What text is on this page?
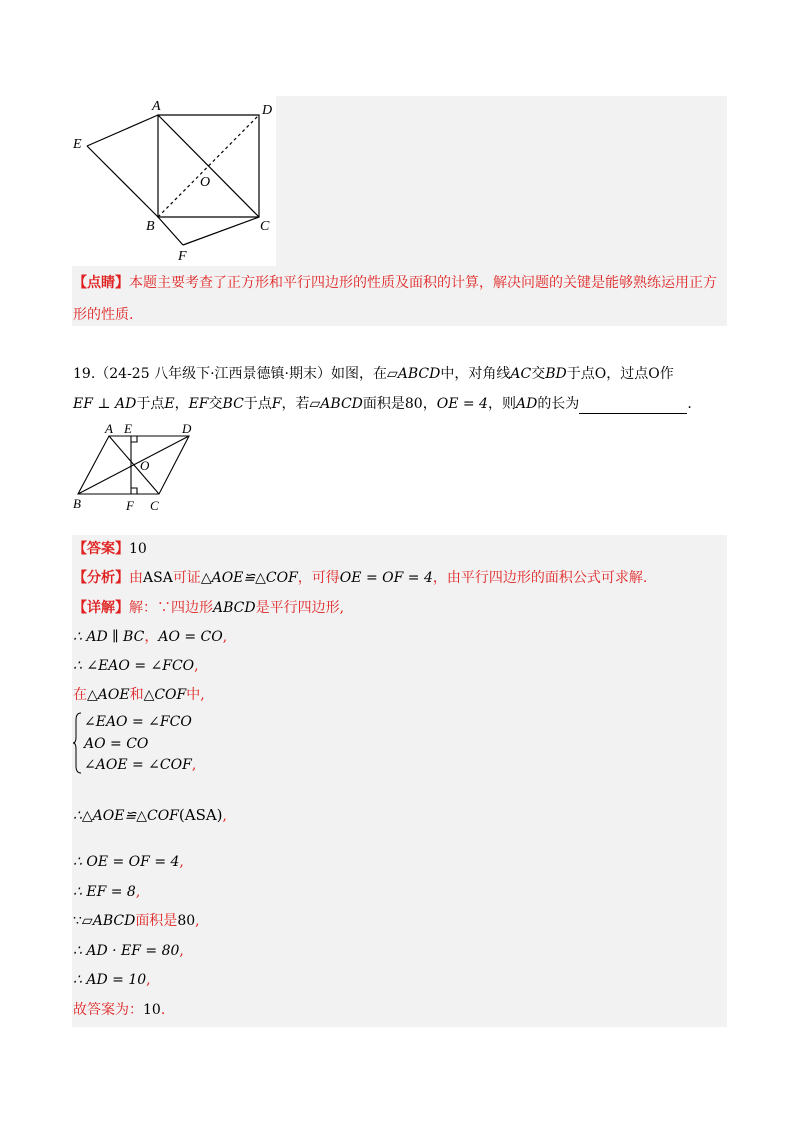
A	D
E
O
B	C
F
【点睛】本题主要考查了正方形和平行四边形的性质及面积的计算，解决问题的关键是能够熟练运用正方
形的性质.
19.（24-25 八年级下·江西景德镇·期末）如图，在▱ABCD中，对角线AC交BD于点O，过点O作
EF ⊥ AD于点E，EF交BC于点F，若▱ABCD面积是80，OE = 4，则AD的长为	.
A E	D
O
B	F C
【答案】10
【分析】由ASA可证△AOE≌△COF，可得OE = OF = 4，由平行四边形的面积公式可求解.
【详解】解：∵四边形ABCD是平行四边形,
∴ AD ∥ BC，AO = CO,
∴ ∠EAO = ∠FCO,
在△AOE和△COF中,
∠EAO = ∠FCO
AO = CO
∠AOE = ∠COF,
∴△AOE≌△COF(ASA),
∴ OE = OF = 4,
∴ EF = 8,
∵▱ABCD面积是80,
∴ AD · EF = 80,
∴ AD = 10,
故答案为：10.
